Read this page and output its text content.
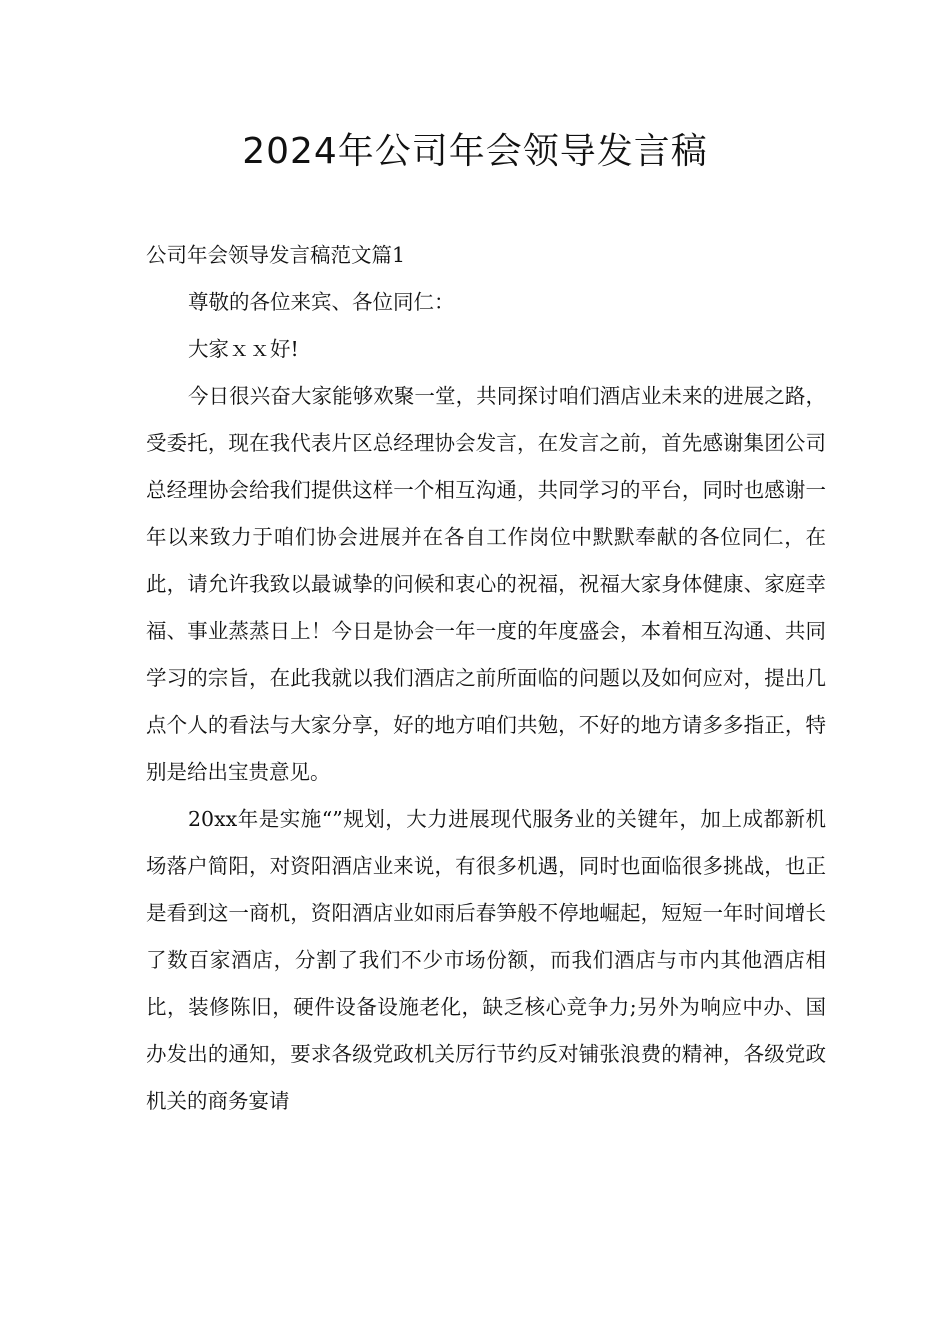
2024年公司年会领导发言稿

公司年会领导发言稿范文篇1

尊敬的各位来宾、各位同仁：

大家ｘｘ好!

今日很兴奋大家能够欢聚一堂，共同探讨咱们酒店业未来的进展之路，受委托，现在我代表片区总经理协会发言，在发言之前，首先感谢集团公司总经理协会给我们提供这样一个相互沟通，共同学习的平台，同时也感谢一年以来致力于咱们协会进展并在各自工作岗位中默默奉献的各位同仁，在此，请允许我致以最诚挚的问候和衷心的祝福，祝福大家身体健康、家庭幸福、事业蒸蒸日上！今日是协会一年一度的年度盛会，本着相互沟通、共同学习的宗旨，在此我就以我们酒店之前所面临的问题以及如何应对，提出几点个人的看法与大家分享，好的地方咱们共勉，不好的地方请多多指正，特别是给出宝贵意见。

20xx年是实施“”规划，大力进展现代服务业的关键年，加上成都新机场落户简阳，对资阳酒店业来说，有很多机遇，同时也面临很多挑战，也正是看到这一商机，资阳酒店业如雨后春笋般不停地崛起，短短一年时间增长了数百家酒店，分割了我们不少市场份额，而我们酒店与市内其他酒店相比，装修陈旧，硬件设备设施老化，缺乏核心竞争力;另外为响应中办、国办发出的通知，要求各级党政机关厉行节约反对铺张浪费的精神，各级党政机关的商务宴请
